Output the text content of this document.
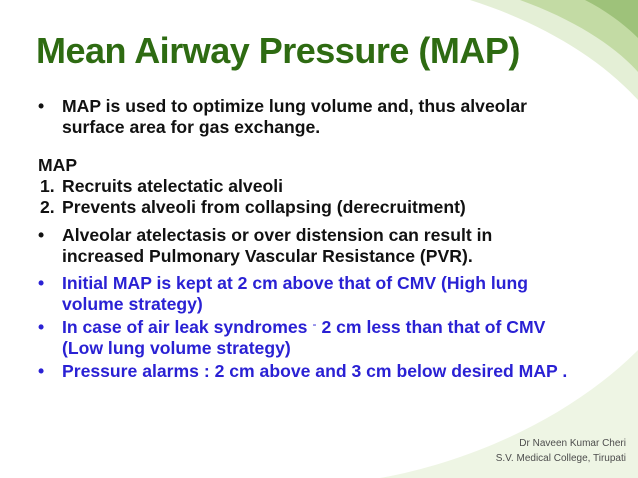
Mean Airway Pressure (MAP)
• MAP is used to optimize lung volume and, thus alveolar
surface area for gas exchange.

MAP

1. Recruits atelectatic alveoli
2. Prevents alveoli from collapsing (derecruitment)
• Alveolar atelectasis or over distension can result in
increased Pulmonary Vascular Resistance (PVR).
• Initial MAP is kept at 2 cm above that of CMV (High lung
volume strategy)
• In case of air leak syndromes - 2 cm less than that of CMV
(Low lung volume strategy)
• Pressure alarms : 2 cm above and 3 cm below desired MAP .
Dr Naveen Kumar Cheri
S.V. Medical College, Tirupati
